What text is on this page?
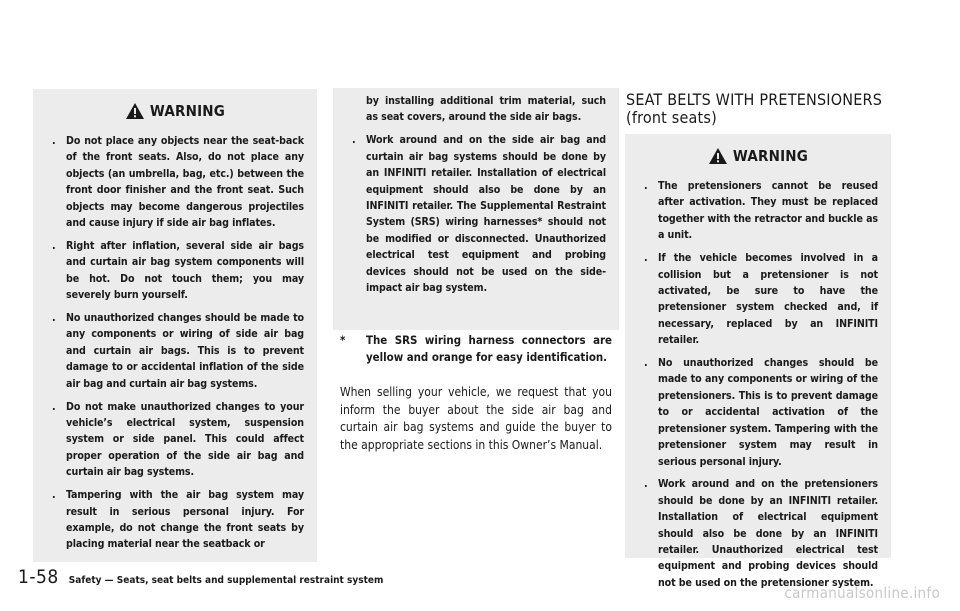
WARNING
. Do not place any objects near the seat-back of the front seats. Also, do not place any objects (an umbrella, bag, etc.) between the front door finisher and the front seat. Such objects may become dangerous projectiles and cause injury if side air bag inflates.
. Right after inflation, several side air bags and curtain air bag system components will be hot. Do not touch them; you may severely burn yourself.
. No unauthorized changes should be made to any components or wiring of side air bag and curtain air bags. This is to prevent damage to or accidental inflation of the side air bag and curtain air bag systems.
. Do not make unauthorized changes to your vehicle’s electrical system, suspension system or side panel. This could affect proper operation of the side air bag and curtain air bag systems.
. Tampering with the air bag system may result in serious personal injury. For example, do not change the front seats by placing material near the seatback or
by installing additional trim material, such as seat covers, around the side air bags.
. Work around and on the side air bag and curtain air bag systems should be done by an INFINITI retailer. Installation of electrical equipment should also be done by an INFINITI retailer. The Supplemental Restraint System (SRS) wiring harnesses* should not be modified or disconnected. Unauthorized electrical test equipment and probing devices should not be used on the side-impact air bag system.
* The SRS wiring harness connectors are yellow and orange for easy identification.
When selling your vehicle, we request that you inform the buyer about the side air bag and curtain air bag systems and guide the buyer to the appropriate sections in this Owner’s Manual.
SEAT BELTS WITH PRETENSIONERS
(front seats)
WARNING
. The pretensioners cannot be reused after activation. They must be replaced together with the retractor and buckle as a unit.
. If the vehicle becomes involved in a collision but a pretensioner is not activated, be sure to have the pretensioner system checked and, if necessary, replaced by an INFINITI retailer.
. No unauthorized changes should be made to any components or wiring of the pretensioners. This is to prevent damage to or accidental activation of the pretensioner system. Tampering with the pretensioner system may result in serious personal injury.
. Work around and on the pretensioners should be done by an INFINITI retailer. Installation of electrical equipment should also be done by an INFINITI retailer. Unauthorized electrical test equipment and probing devices should not be used on the pretensioner system.
1-58 Safety — Seats, seat belts and supplemental restraint system
carmanualsonline.info
